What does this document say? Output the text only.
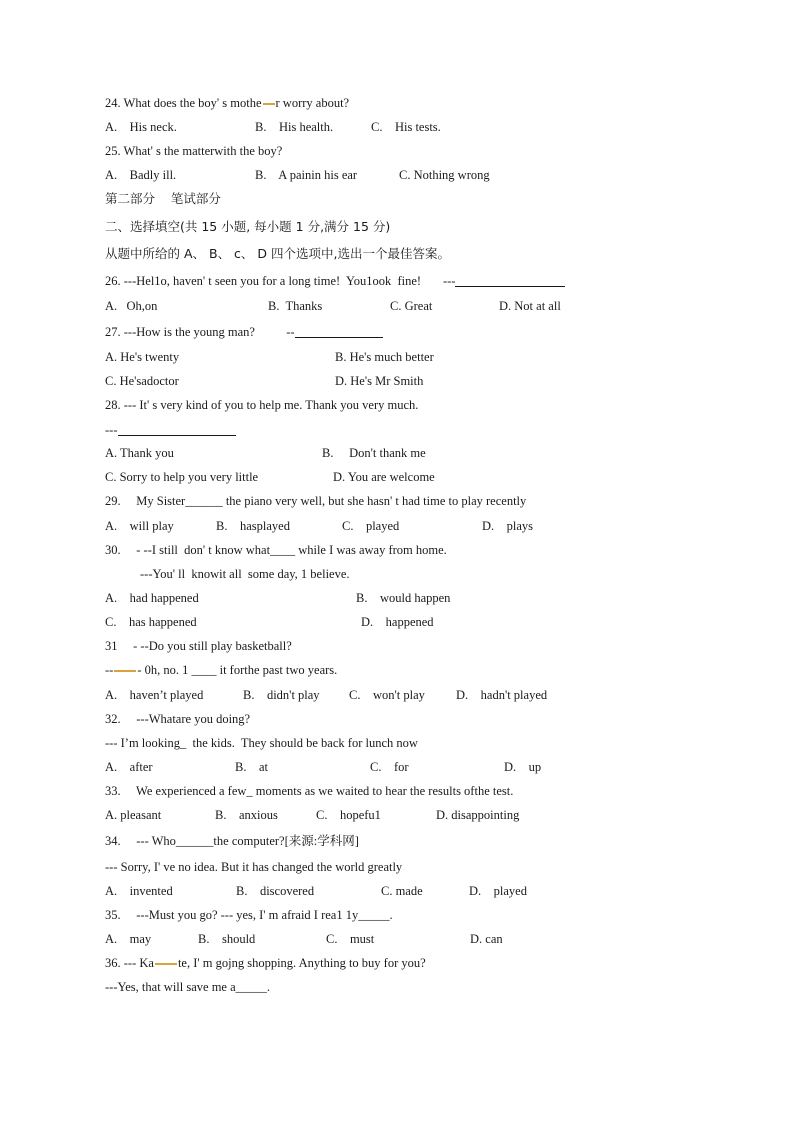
24. What does the boy' s mothe r worry about?
A.    His neck.	B.    His health.	C.    His tests.
25. What' s the matterwith the boy?
A.    Badly ill.	B.    A painin his ear	C. Nothing wrong
第二部分    笔试部分
二、选择填空(共 15 小题, 每小题 1 分,满分 15 分)
从题中所给的 A、 B、 c、 D 四个选项中,选出一个最佳答案。
26. ---Hel1o, haven' t seen you for a long time!  You1ook  fine!       ---
A.   Oh,on	B.  Thanks	C. Great	D. Not at all
27. ---How is the young man?          --
A. He's twenty	B. He's much better
C. He'sadoctor	D. He's Mr Smith
28. --- It' s very kind of you to help me. Thank you very much.
---
A. Thank you	B.     Don't thank me
C. Sorry to help you very little	D. You are welcome
29.     My Sister______ the piano very well, but she hasn' t had time to play recently
A.    will play	B.    hasplayed	C.    played	D.    plays
30.     - --I still  don' t know what____ while I was away from home.
---You' ll  knowit all  some day, 1 believe.
A.    had happened	B.    would happen
C.    has happened	D.    happened
31     - --Do you still play basketball?
-- - 0h, no. 1 ____ it forthe past two years.
A.    haven’t played	B.    didn't play C.    won't play D.    hadn't played
32.     ---Whatare you doing?
--- I’m looking_  the kids.  They should be back for lunch now
A.    after	B.    at	C.    for	D.    up
33.     We experienced a few_ moments as we waited to hear the results ofthe test.
A. pleasant	B.    anxious	C.    hopefu1	D. disappointing
34.     --- Who______the computer?[来源:学科网]
--- Sorry, I' ve no idea. But it has changed the world greatly
A.    invented	B.    discovered	C. made	D.    played
35.     ---Must you go? --- yes, I' m afraid I rea1 1y_____.
A.    may	B.    should	C.    must	D. can
36. --- Ka te, I' m gojng shopping. Anything to buy for you?
---Yes, that will save me a_____.
